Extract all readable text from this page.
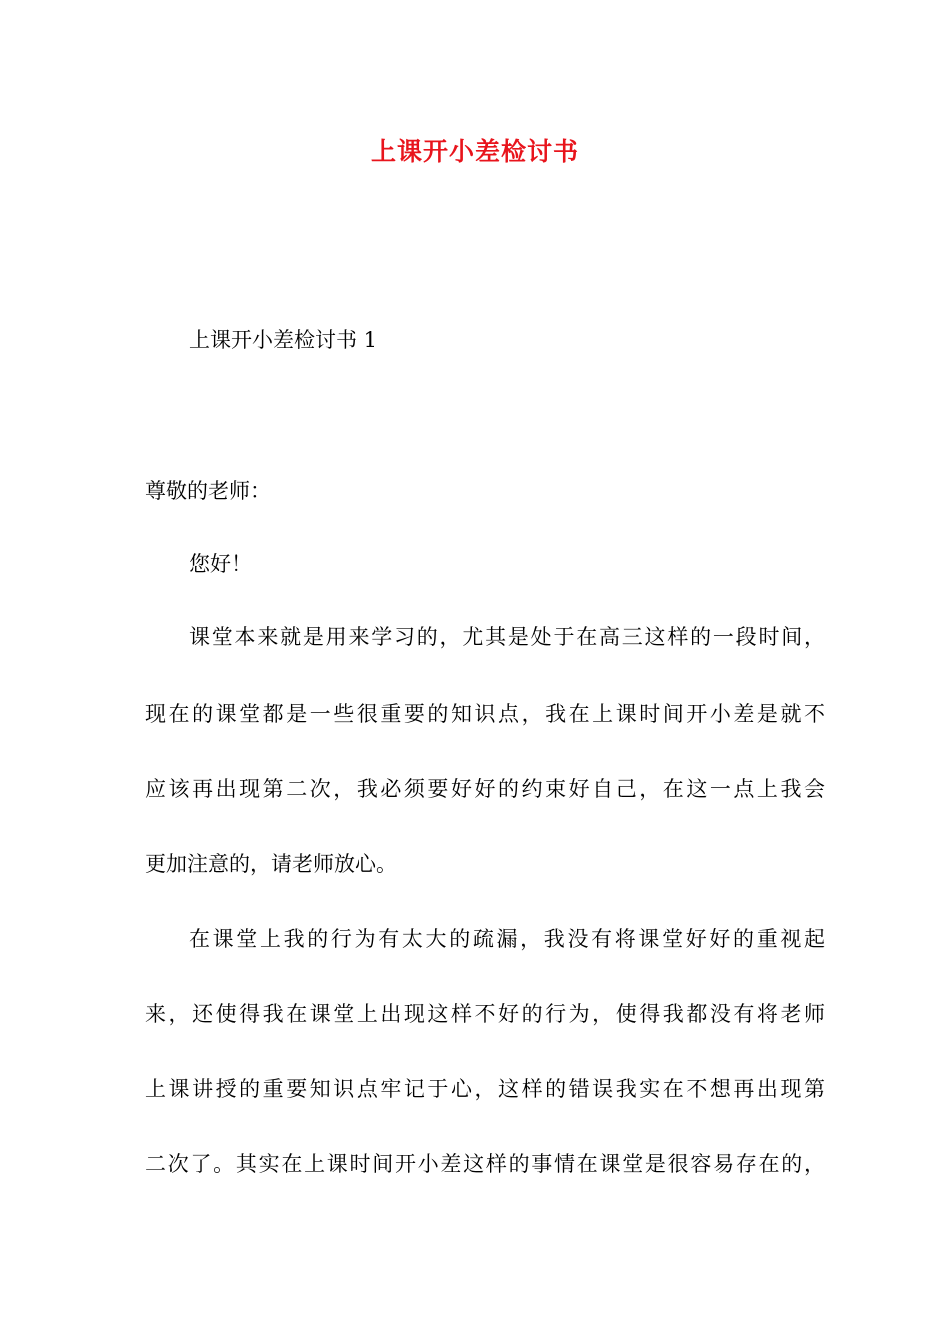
上课开小差检讨书
上课开小差检讨书 1
尊敬的老师：
您好！
课堂本来就是用来学习的，尤其是处于在高三这样的一段时间，
现在的课堂都是一些很重要的知识点，我在上课时间开小差是就不
应该再出现第二次，我必须要好好的约束好自己，在这一点上我会
更加注意的，请老师放心。
在课堂上我的行为有太大的疏漏，我没有将课堂好好的重视起
来，还使得我在课堂上出现这样不好的行为，使得我都没有将老师
上课讲授的重要知识点牢记于心，这样的错误我实在不想再出现第
二次了。其实在上课时间开小差这样的事情在课堂是很容易存在的，
